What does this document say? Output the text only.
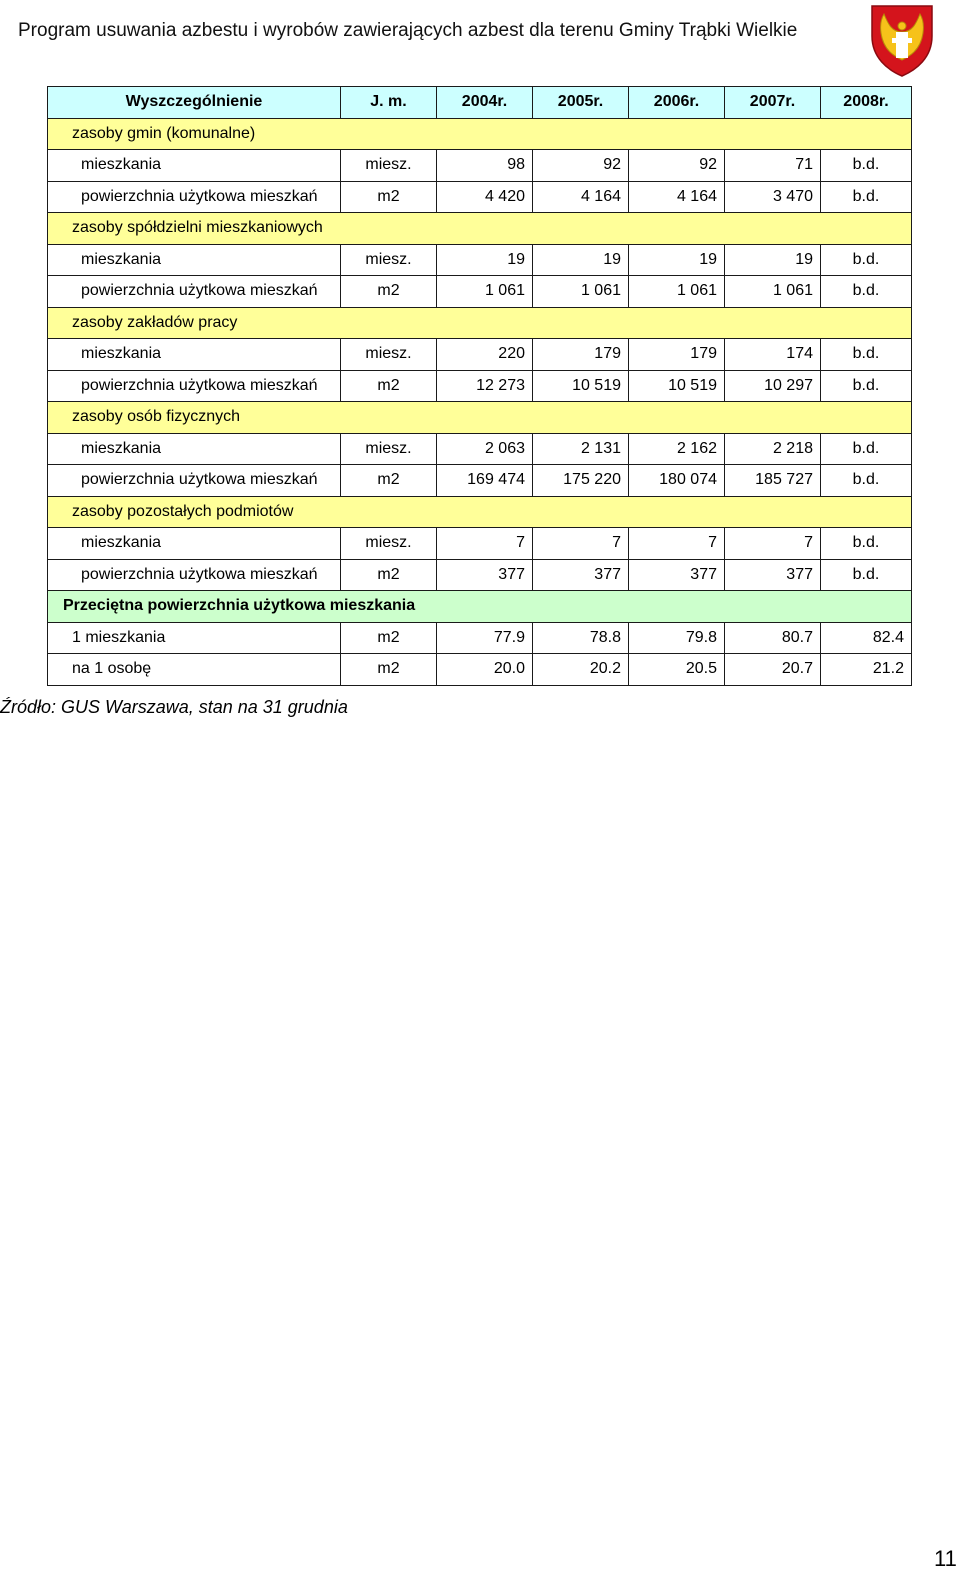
Program usuwania azbestu i wyrobów zawierających azbest dla terenu Gminy Trąbki Wielkie
Wyszczególnienie	J. m.	2004r.	2005r.	2006r.	2007r.	2008r.
zasoby gmin (komunalne)						
mieszkania	miesz.	98	92	92	71	b.d.
powierzchnia użytkowa mieszkań	m2	4 420	4 164	4 164	3 470	b.d.
zasoby spółdzielni mieszkaniowych						
mieszkania	miesz.	19	19	19	19	b.d.
powierzchnia użytkowa mieszkań	m2	1 061	1 061	1 061	1 061	b.d.
zasoby zakładów pracy						
mieszkania	miesz.	220	179	179	174	b.d.
powierzchnia użytkowa mieszkań	m2	12 273	10 519	10 519	10 297	b.d.
zasoby osób fizycznych						
mieszkania	miesz.	2 063	2 131	2 162	2 218	b.d.
powierzchnia użytkowa mieszkań	m2	169 474	175 220	180 074	185 727	b.d.
zasoby pozostałych podmiotów						
mieszkania	miesz.	7	7	7	7	b.d.
powierzchnia użytkowa mieszkań	m2	377	377	377	377	b.d.
Przeciętna powierzchnia użytkowa mieszkania						
1 mieszkania	m2	77.9	78.8	79.8	80.7	82.4
na 1 osobę	m2	20.0	20.2	20.5	20.7	21.2
Źródło: GUS Warszawa, stan na 31 grudnia
11
